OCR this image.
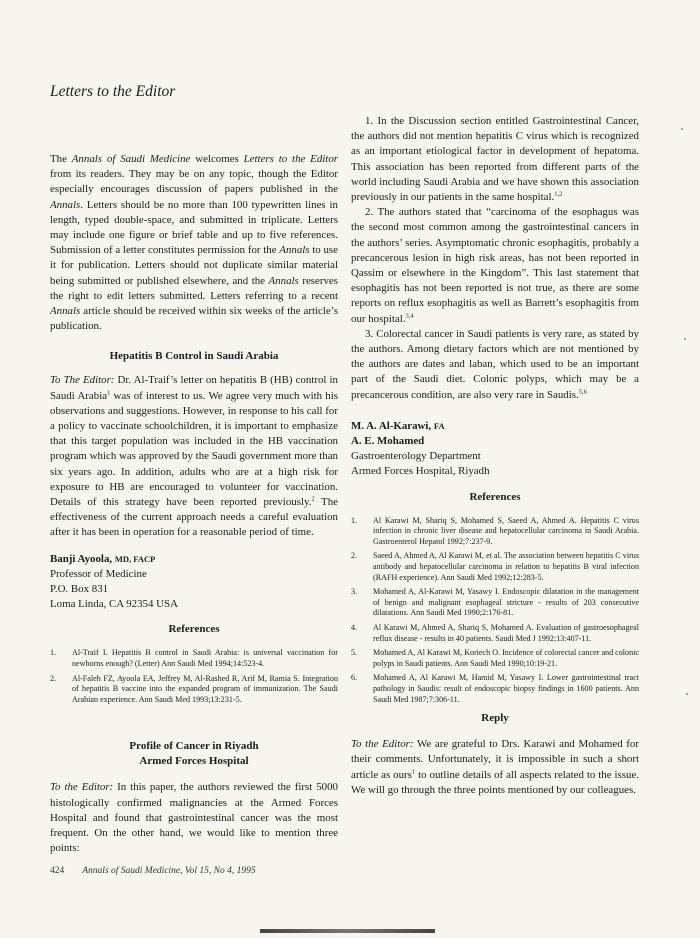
Letters to the Editor

The Annals of Saudi Medicine welcomes Letters to the Editor from its readers. They may be on any topic, though the Editor especially encourages discussion of papers published in the Annals. Letters should be no more than 100 typewritten lines in length, typed double-space, and submitted in triplicate. Letters may include one figure or brief table and up to five references. Submission of a letter constitutes permission for the Annals to use it for publication. Letters should not duplicate similar material being submitted or published elsewhere, and the Annals reserves the right to edit letters submitted. Letters referring to a recent Annals article should be received within six weeks of the article’s publication.

Hepatitis B Control in Saudi Arabia

To The Editor: Dr. Al-Traif’s letter on hepatitis B (HB) control in Saudi Arabia$^1$ was of interest to us. We agree very much with his observations and suggestions. However, in response to his call for a policy to vaccinate schoolchildren, it is important to emphasize that this target population was included in the HB vaccination program which was approved by the Saudi government more than six years ago. In addition, adults who are at a high risk for exposure to HB are encouraged to volunteer for vaccination. Details of this strategy have been reported previously.$^2$ The effectiveness of the current approach needs a careful evaluation after it has been in operation for a reasonable period of time.

Banji Ayoola, MD, FACP

Professor of Medicine

P.O. Box 831

Loma Linda, CA 92354 USA

References
1. Al-Traif I. Hepatitis B control in Saudi Arabia: is universal vaccination for newborns enough? (Letter) Ann Saudi Med 1994;14:523-4.
2. Al-Faleh FZ, Ayoola EA, Jeffrey M, Al-Rashed R, Arif M, Ramia S. Integration of hepatitis B vaccine into the expanded program of immunization. The Saudi Arabian experience. Ann Saudi Med 1993;13:231-5.
Profile of Cancer in Riyadh
Armed Forces Hospital

To the Editor: In this paper, the authors reviewed the first 5000 histologically confirmed malignancies at the Armed Forces Hospital and found that gastrointestinal cancer was the most frequent. On the other hand, we would like to mention three points:

1. In the Discussion section entitled Gastrointestinal Cancer, the authors did not mention hepatitis C virus which is recognized as an important etiological factor in development of hepatoma. This association has been reported from different parts of the world including Saudi Arabia and we have shown this association previously in our patients in the same hospital.$^{1,2}$

2. The authors stated that “carcinoma of the esophagus was the second most common among the gastrointestinal cancers in the authors’ series. Asymptomatic chronic esophagitis, probably a precancerous lesion in high risk areas, has not been reported in Qassim or elsewhere in the Kingdom”. This last statement that esophagitis has not been reported is not true, as there are some reports on reflux esophagitis as well as Barrett’s esophagitis from our hospital.$^{3,4}$

3. Colorectal cancer in Saudi patients is very rare, as stated by the authors. Among dietary factors which are not mentioned by the authors are dates and laban, which used to be an important part of the Saudi diet. Colonic polyps, which may be a precancerous condition, are also very rare in Saudis.$^{5,6}$

M. A. Al-Karawi, FA

A. E. Mohamed

Gastroenterology Department

Armed Forces Hospital, Riyadh

References
1. Al Karawi M, Shariq S, Mohamed S, Saeed A, Ahmed A. Hepatitis C virus infection in chronic liver disease and hepatocellular carcinoma in Saudi Arabia. Gastroenterol Hepatol 1992;7:237-9.
2. Saeed A, Ahmed A, Al Karawi M, et al. The association between hepatitis C virus antibody and hepatocellular carcinoma in relation to hepatitis B viral infection (RAFH experience). Ann Saudi Med 1992;12:283-5.
3. Mohamed A, Al-Karawi M, Yasawy I. Endoscopic dilatation in the management of benign and malignant esophageal stricture - results of 203 consecutive dilatations. Ann Saudi Med 1990;2:176-81.
4. Al Karawi M, Ahmed A, Shariq S, Mohamed A. Evaluation of gastroesophageal reflux disease - results in 40 patients. Saudi Med J 1992;13:407-11.
5. Mohamed A, Al Karawi M, Koriech O. Incidence of colorectal cancer and colonic polyps in Saudi patients. Ann Saudi Med 1990;10:19-21.
6. Mohamed A, Al Karawi M, Hamid M, Yasawy I. Lower gastrointestinal tract pathology in Saudis: result of endoscopic biopsy findings in 1600 patients. Ann Saudi Med 1987;7:306-11.
Reply

To the Editor: We are grateful to Drs. Karawi and Mohamed for their comments. Unfortunately, it is impossible in such a short article as ours$^1$ to outline details of all aspects related to the issue. We will go through the three points mentioned by our colleagues.

424 Annals of Saudi Medicine, Vol 15, No 4, 1995
